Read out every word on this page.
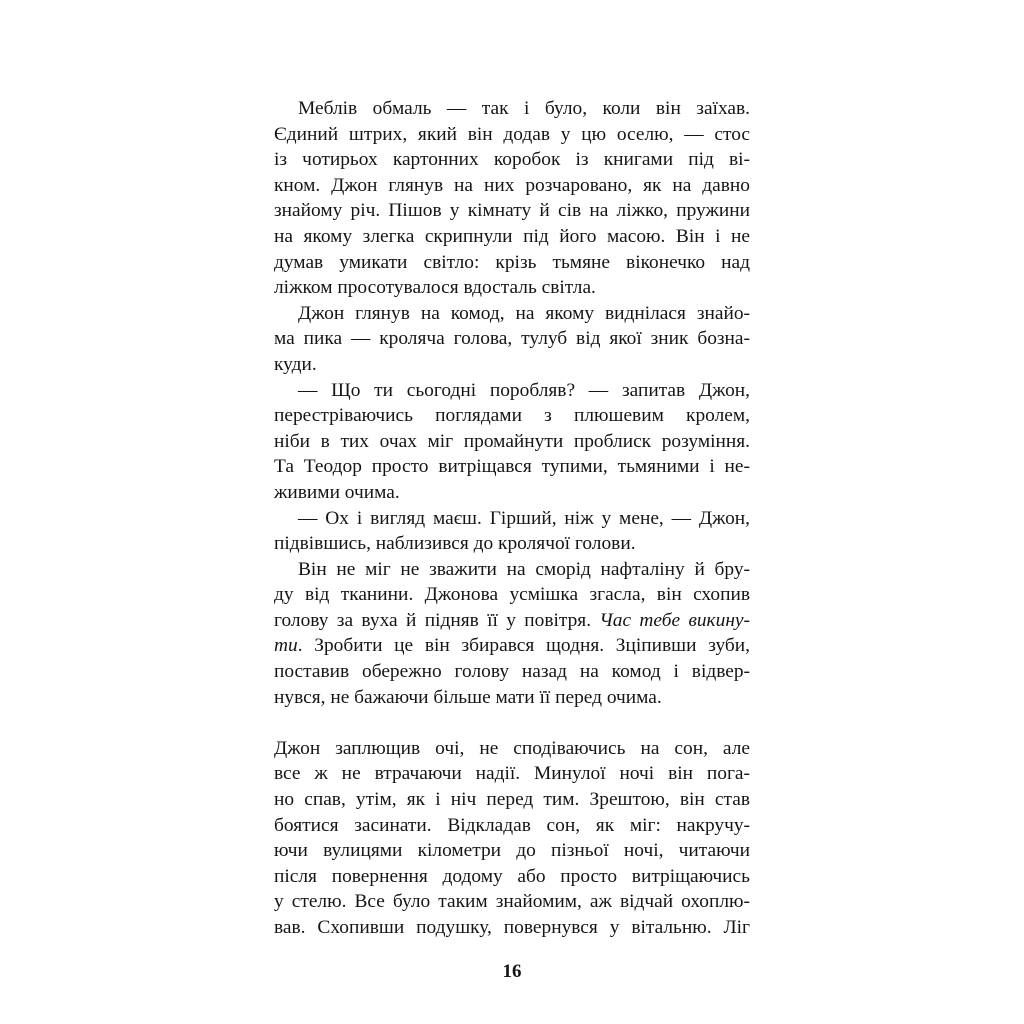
Меблів обмаль — так і було, коли він заїхав.
Єдиний штрих, який він додав у цю оселю, — стос
із чотирьох картонних коробок із книгами під ві-
кном. Джон глянув на них розчаровано, як на давно
знайому річ. Пішов у кімнату й сів на ліжко, пружини
на якому злегка скрипнули під його масою. Він і не
думав умикати світло: крізь тьмяне віконечко над
ліжком просотувалося вдосталь світла.
Джон глянув на комод, на якому виднілася знайо-
ма пика — кроляча голова, тулуб від якої зник бозна-
куди.
— Що ти сьогодні поробляв? — запитав Джон,
перестріваючись поглядами з плюшевим кролем,
ніби в тих очах міг промайнути проблиск розуміння.
Та Теодор просто витріщався тупими, тьмяними і не-
живими очима.
— Ох і вигляд маєш. Гірший, ніж у мене, — Джон,
підвівшись, наблизився до кролячої голови.
Він не міг не зважити на сморід нафталіну й бру-
ду від тканини. Джонова усмішка згасла, він схопив
голову за вуха й підняв її у повітря. Час тебе викину-
ти. Зробити це він збирався щодня. Зціпивши зуби,
поставив обережно голову назад на комод і відвер-
нувся, не бажаючи більше мати її перед очима.
Джон заплющив очі, не сподіваючись на сон, але
все ж не втрачаючи надії. Минулої ночі він пога-
но спав, утім, як і ніч перед тим. Зрештою, він став
боятися засинати. Відкладав сон, як міг: накручу-
ючи вулицями кілометри до пізньої ночі, читаючи
після повернення додому або просто витріщаючись
у стелю. Все було таким знайомим, аж відчай охоплю-
вав. Схопивши подушку, повернувся у вітальню. Ліг
16
